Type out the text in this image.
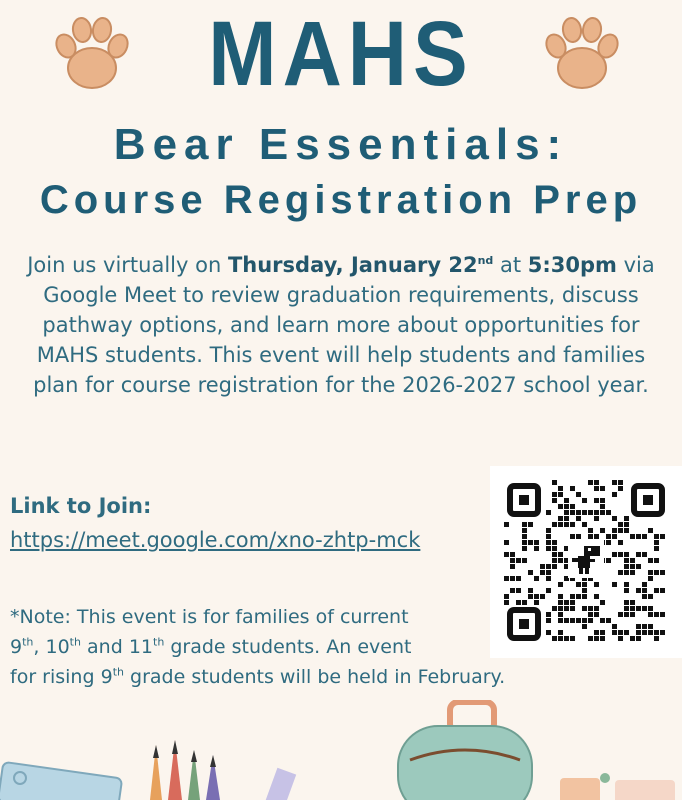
MAHS
Bear Essentials:
Course Registration Prep
Join us virtually on Thursday, January 22nd at 5:30pm via Google Meet to review graduation requirements, discuss pathway options, and learn more about opportunities for MAHS students. This event will help students and families plan for course registration for the 2026-2027 school year.
Link to Join:
https://meet.google.com/xno-zhtp-mck
*Note: This event is for families of current
9th, 10th and 11th grade students. An event
for rising 9th grade students will be held in February.
